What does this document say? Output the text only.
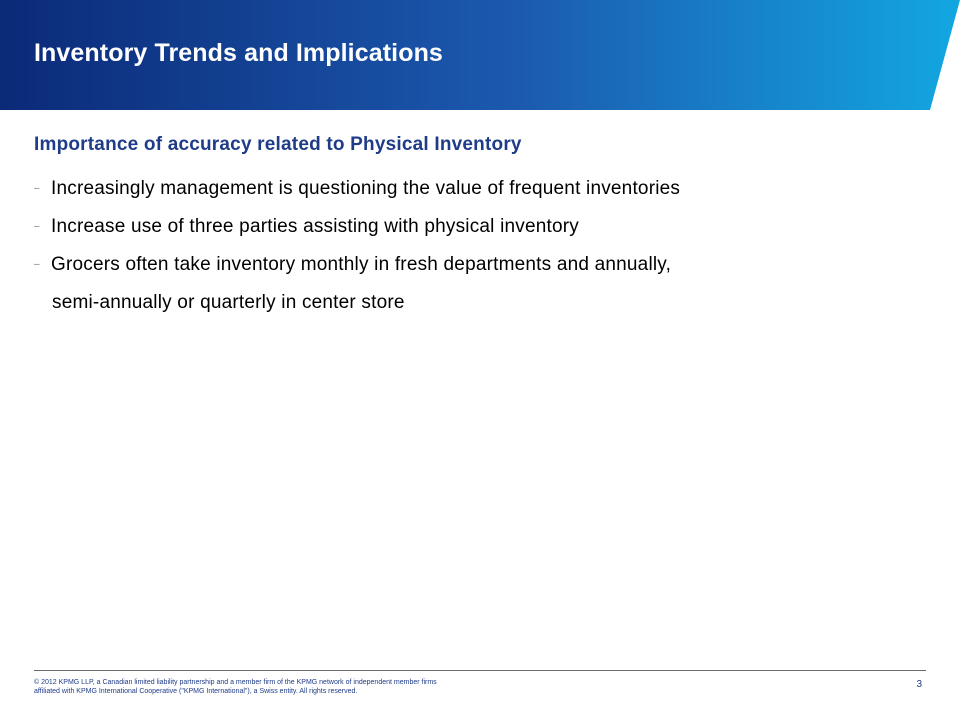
Inventory Trends and Implications
Importance of accuracy related to Physical Inventory
– Increasingly management is questioning the value of frequent inventories
– Increase use of three parties assisting with physical inventory
– Grocers often take inventory monthly in fresh departments and annually,
semi-annually or quarterly in center store
© 2012 KPMG LLP, a Canadian limited liability partnership and a member firm of the KPMG network of independent member firms
affiliated with KPMG International Cooperative ("KPMG International"), a Swiss entity. All rights reserved.
3
